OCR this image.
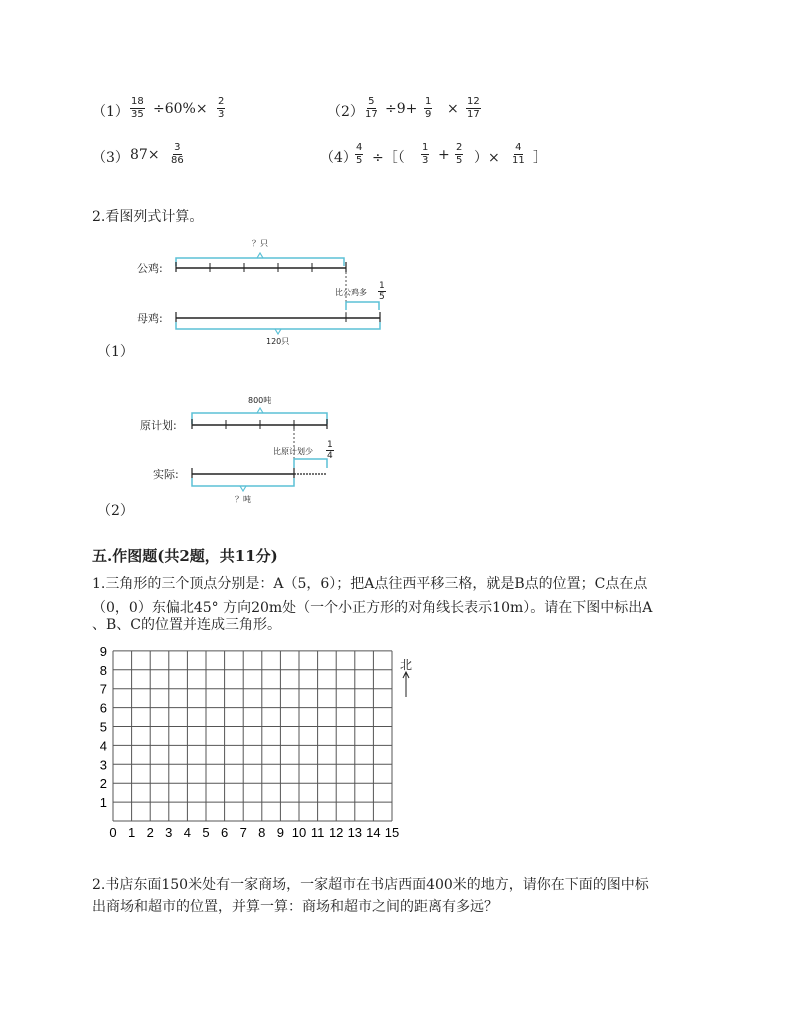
$(1) \frac{18}{35} \div 60\%\times \frac{2}{3}$	$(2) \frac{5}{17} \div 9+ \frac{1}{9} \times \frac{12}{17}$
（3） $87\times \frac{3}{86}$	（4）
$\frac{4}{5}$ ÷［（ $\frac{1}{3} + \frac{2}{5}$ ）× $\frac{4}{11}$ ］
2.看图列式计算。
？只
公鸡:
比公鸡多 $\frac{1}{5}$
母鸡:
120只
（1）
800吨
原计划:
比原计划少 $\frac{1}{4}$
实际:
？吨
（2）
五.作图题(共2题，共11分)
1.三角形的三个顶点分别是：A（5，6）；把A点往西平移三格，就是B点的位置；C点在点
（0，0）东偏北45° 方向20m处（一个小正方形的对角线长表示10m）。请在下图中标出A
、B、C的位置并连成三角形。
0 1 2 3 4 5 6 7 8 9 10 11 12 13 14 15
1
2
3
4
5
6
7
8
9
北
2.书店东面150米处有一家商场，一家超市在书店西面400米的地方，请你在下面的图中标
出商场和超市的位置，并算一算：商场和超市之间的距离有多远？
